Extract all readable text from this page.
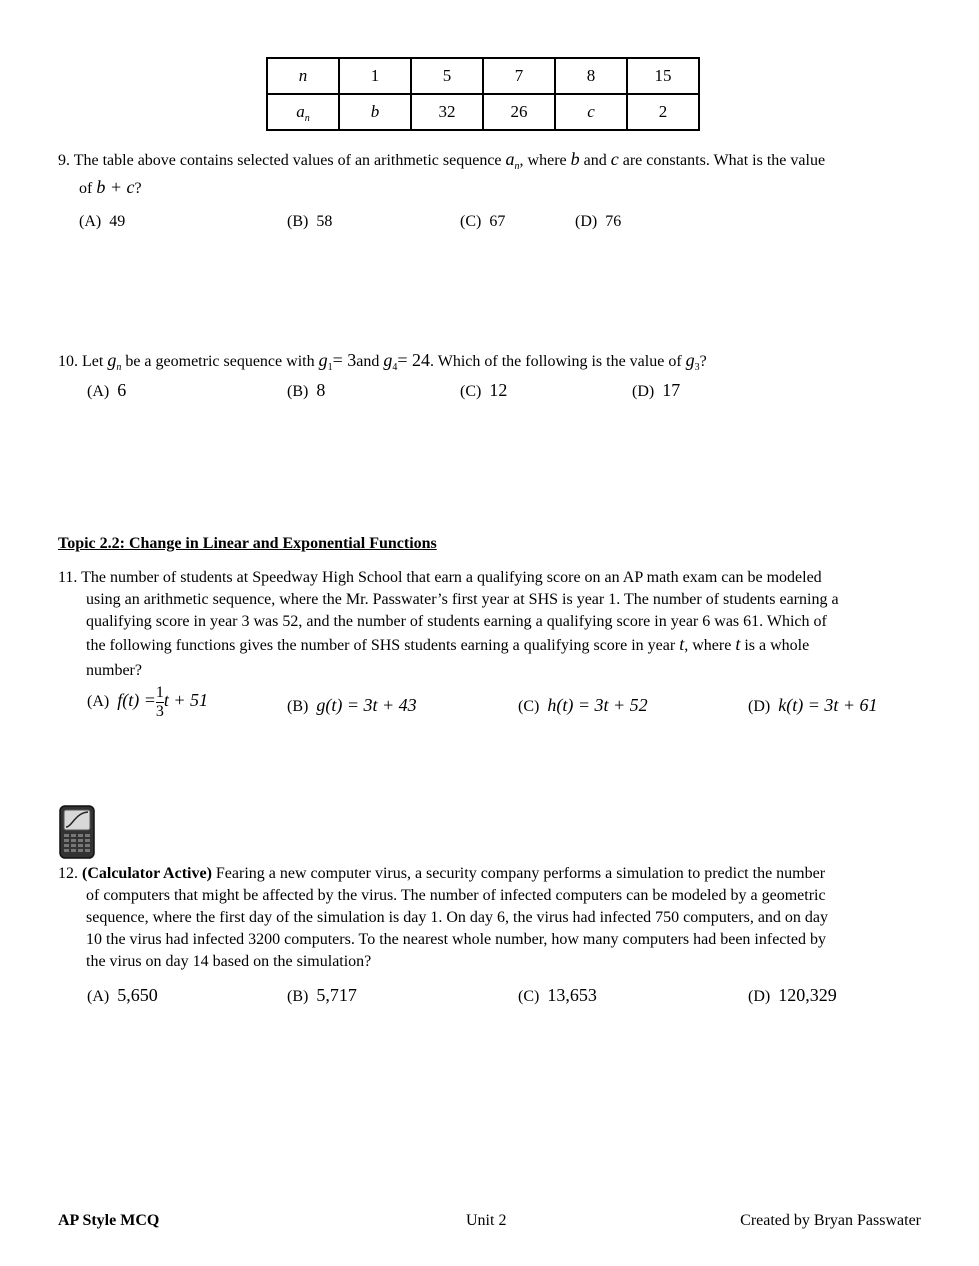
n	1	5	7	8	15
$a_n$	b	32	26	c	2
9. The table above contains selected values of an arithmetic sequence $a_n$, where b and c are constants. What is the value
of b + c?
(A) 49	(B) 58	(C) 67	(D) 76
10. Let $g_n$ be a geometric sequence with $g_1= 3and$ $g_4= 24$. Which of the following is the value of $g_3$?
(A) 6	(B) 8	(C) 12	(D) 17
Topic 2.2: Change in Linear and Exponential Functions
11. The number of students at Speedway High School that earn a qualifying score on an AP math exam can be modeled
using an arithmetic sequence, where the Mr. Passwater’s first year at SHS is year 1. The number of students earning a
qualifying score in year 3 was 52, and the number of students earning a qualifying score in year 6 was 61. Which of
the following functions gives the number of SHS students earning a qualifying score in year t, where t is a whole
number?
(A) $f(t) = \frac{1}{3}$ t + 51	(B) g(t) = 3t + 43	(C) h(t) = 3t + 52	(D) k(t) = 3t + 61
12. (Calculator Active) Fearing a new computer virus, a security company performs a simulation to predict the number
of computers that might be affected by the virus. The number of infected computers can be modeled by a geometric
sequence, where the first day of the simulation is day 1. On day 6, the virus had infected 750 computers, and on day
10 the virus had infected 3200 computers. To the nearest whole number, how many computers had been infected by
the virus on day 14 based on the simulation?
(A) 5,650	(B) 5,717	(C) 13,653	(D) 120,329
AP Style MCQ	Unit 2	Created by Bryan Passwater
